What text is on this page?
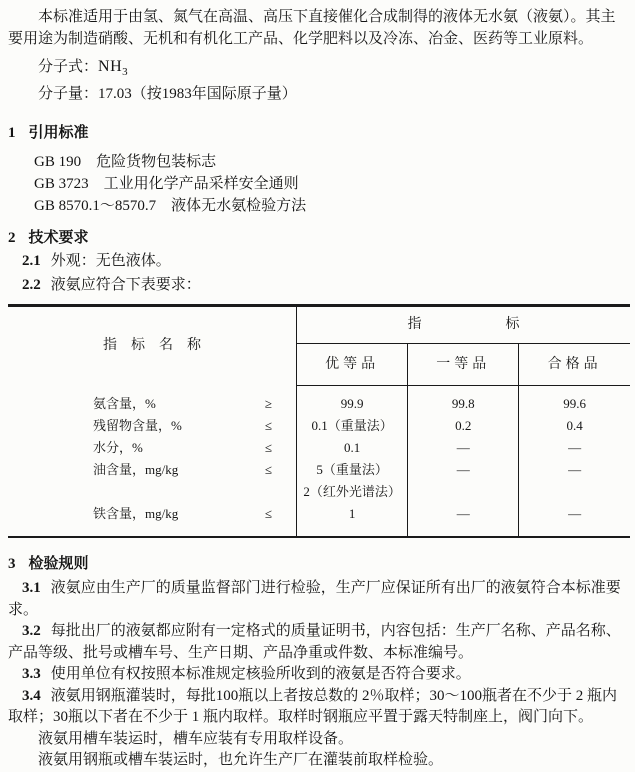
本标准适用于由氢、氮气在高温、高压下直接催化合成制得的液体无水氨（液氨）。其主要用途为制造硝酸、无机和有机化工产品、化学肥料以及冷冻、冶金、医药等工业原料。

分子式：$NH_3$

分子量：17.03（按1983年国际原子量）

1 引用标准

GB 190　危险货物包装标志

GB 3723　工业用化学产品采样安全通则

GB 8570.1～8570.7　液体无水氨检验方法

2 技术要求

2.1 外观：无色液体。

2.2 液氨应符合下表要求：

指　标　名　称	指　　　　　　标		
	优等品	一等品	合格品

氨含量，% ≥	99.9	99.8	99.6

残留物含量，% ≤	0.1（重量法）	0.2	0.4

水分，% ≤	0.1	—	—

油含量，mg/kg ≤	5（重量法）	—	—

	2（红外光谱法）		

铁含量，mg/kg ≤	1	—	—
3 检验规则

3.1 液氨应由生产厂的质量监督部门进行检验，生产厂应保证所有出厂的液氨符合本标准要求。

3.2 每批出厂的液氨都应附有一定格式的质量证明书，内容包括：生产厂名称、产品名称、产品等级、批号或槽车号、生产日期、产品净重或件数、本标准编号。

3.3 使用单位有权按照本标准规定核验所收到的液氨是否符合要求。

3.4 液氨用钢瓶灌装时，每批100瓶以上者按总数的 2％取样；30～100瓶者在不少于 2 瓶内取样；30瓶以下者在不少于 1 瓶内取样。取样时钢瓶应平置于露天特制座上，阀门向下。

液氨用槽车装运时，槽车应装有专用取样设备。

液氨用钢瓶或槽车装运时，也允许生产厂在灌装前取样检验。
